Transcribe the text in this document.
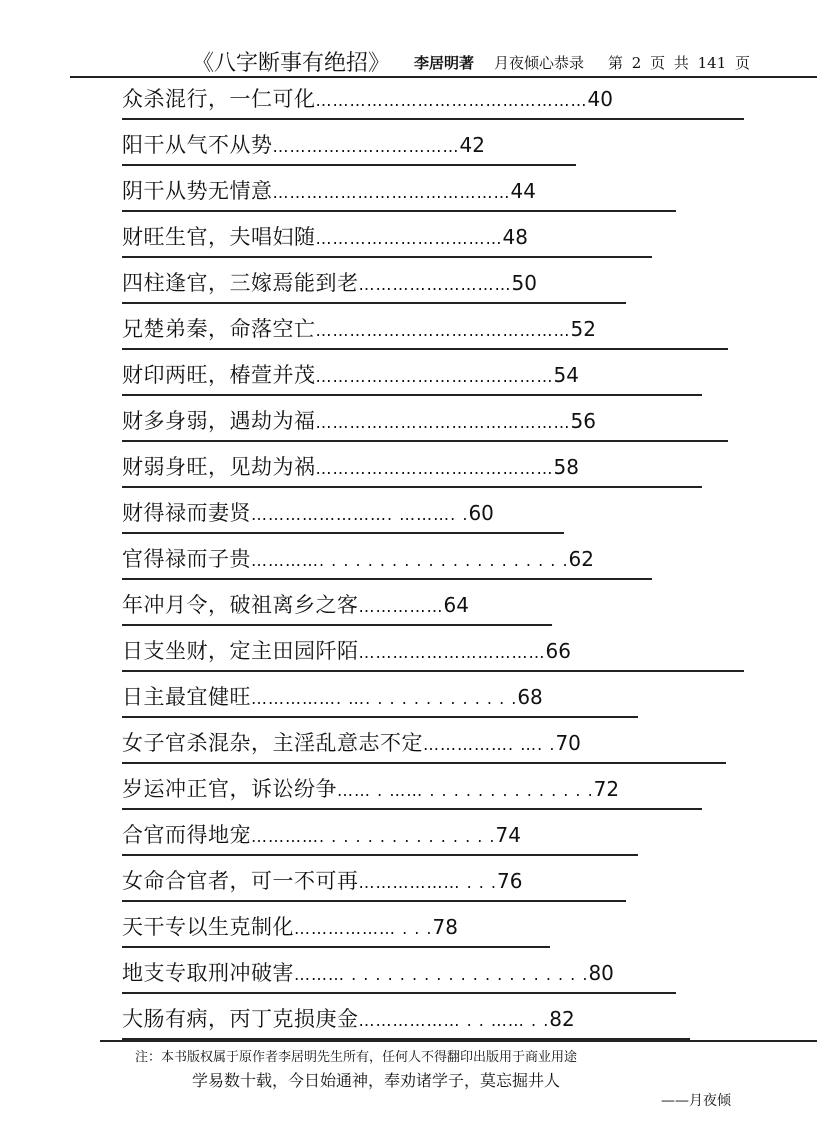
《八字断事有绝招》 李居明著 月夜倾心恭录 第 2 页 共 141 页
众杀混行，一仁可化…………………………………………40
阳干从气不从势……………………………42
阴干从势无情意……………………………………44
财旺生官，夫唱妇随……………………………48
四柱逢官，三嫁焉能到老………………………50
兄楚弟秦，命落空亡………………………………………52
财印两旺，椿萱并茂……………………………………54
财多身弱，遇劫为福………………………………………56
财弱身旺，见劫为祸……………………………………58
财得禄而妻贤……………………. ………. .60
官得禄而子贵…………. . . . . . . . . . . . . . . . . . . . .62
年冲月令，破祖离乡之客……………64
日支坐财，定主田园阡陌……………………………66
日主最宜健旺……………. …. . . . . . . . . . . . .68
女子官杀混杂，主淫乱意志不定……………. …. .70
岁运冲正官，诉讼纷争…… . …… . . . . . . . . . . . . . .72
合官而得地宠…………. . . . . . . . . . . . . . .74
女命合官者，可一不可再……………… . . .76
天干专以生克制化……………… . . .78
地支专取刑冲破害……… . . . . . . . . . . . . . . . . . . . .80
大肠有病，丙丁克损庚金……………… . . …… . .82
注：本书版权属于原作者李居明先生所有，任何人不得翻印出版用于商业用途
学易数十载，今日始通神，奉劝诸学子，莫忘掘井人
——月夜倾
